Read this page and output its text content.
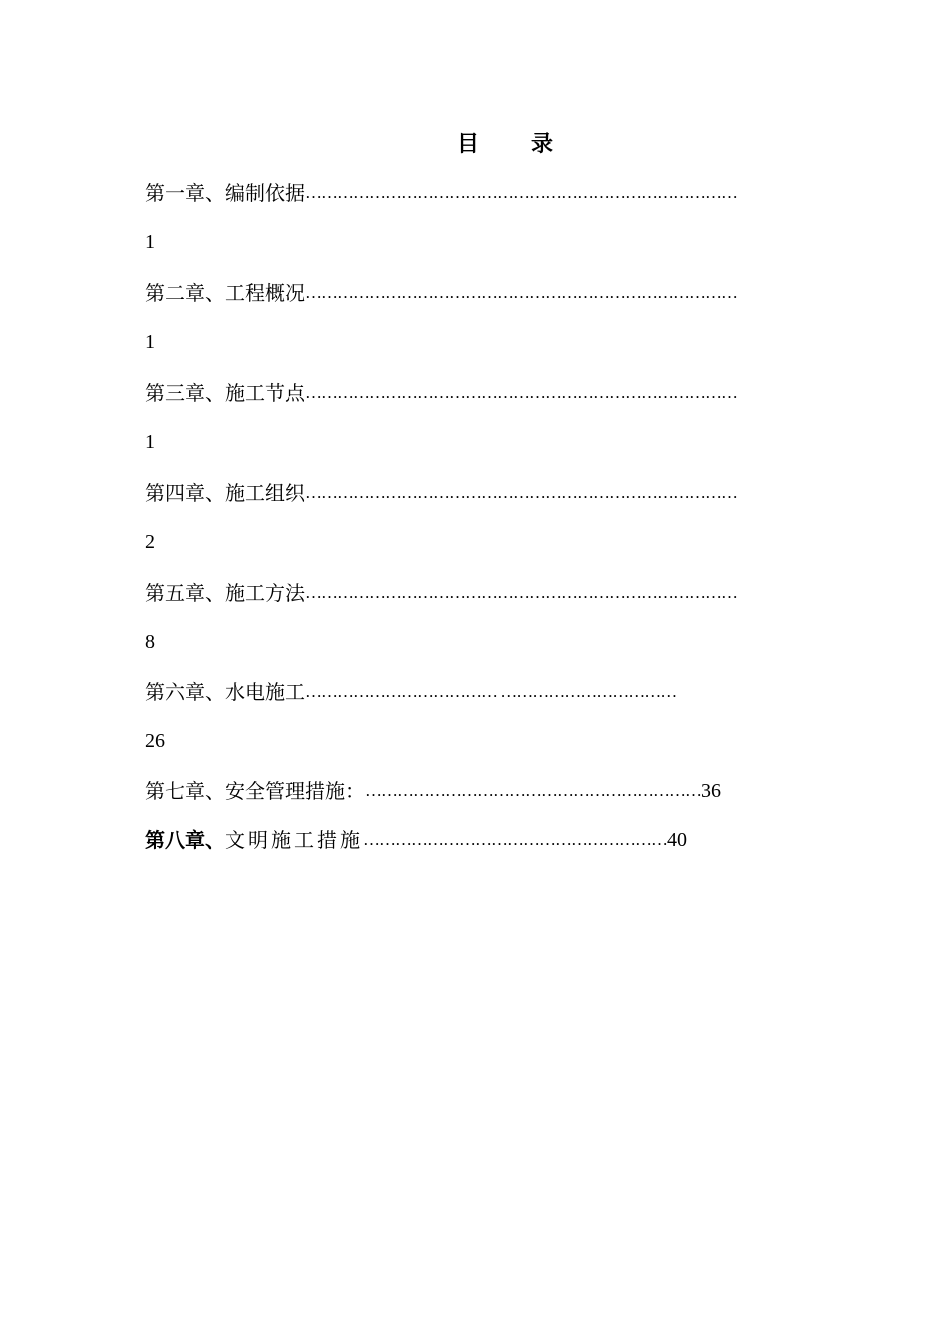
目 录
第一章、编制依据………………………………………………………………………
1
第二章、工程概况………………………………………………………………………
1
第三章、施工节点………………………………………………………………………
1
第四章、施工组织………………………………………………………………………
2
第五章、施工方法………………………………………………………………………
8
第六章、水电施工……………………………… ……………………………
26
第七章、安全管理措施：………………………………………………………36
第八章、文明施工措施…………………………………………………40
